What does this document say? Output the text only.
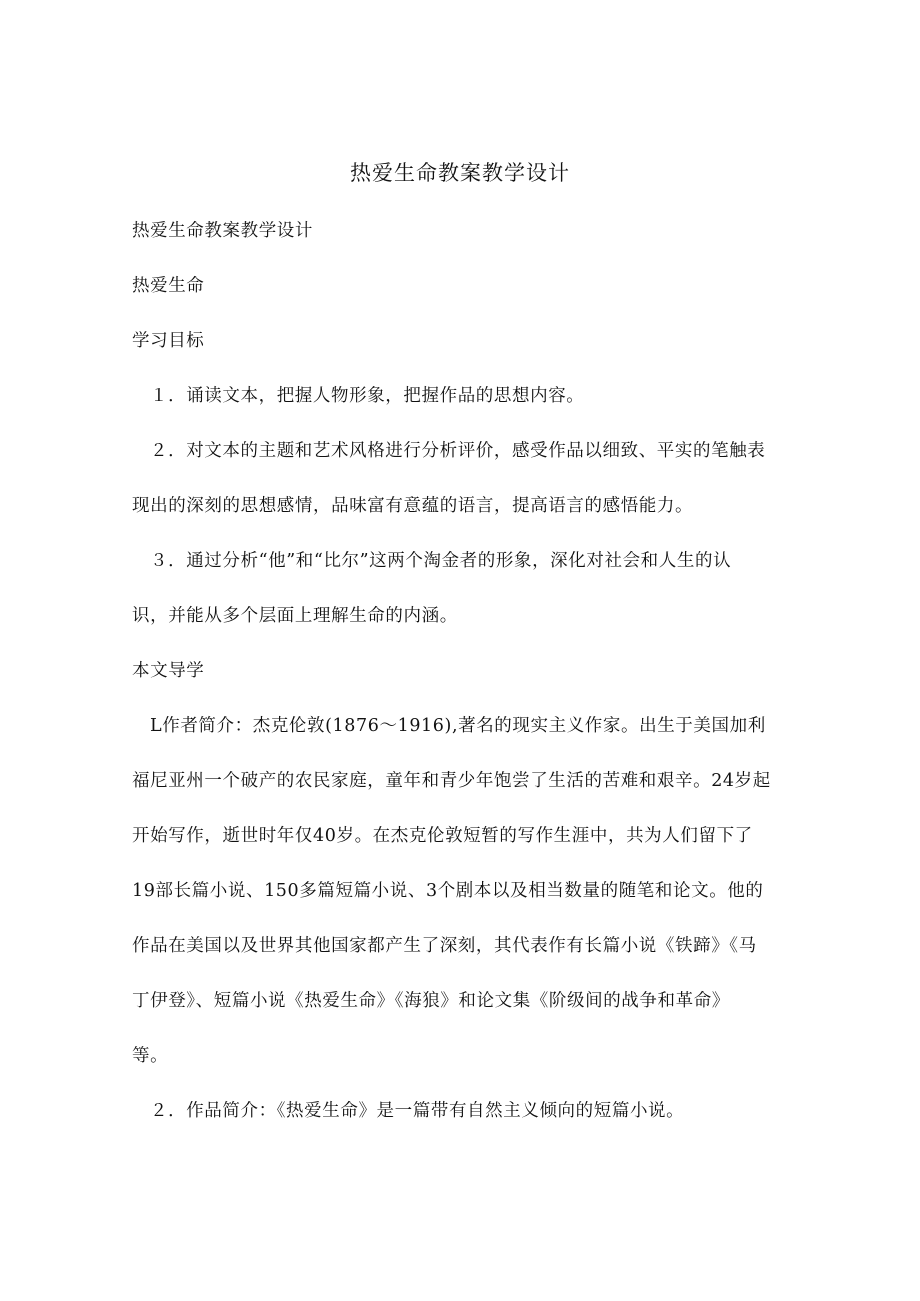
热爱生命教案教学设计
热爱生命教案教学设计
热爱生命
学习目标
１．诵读文本，把握人物形象，把握作品的思想内容。
２．对文本的主题和艺术风格进行分析评价，感受作品以细致、平实的笔触表
现出的深刻的思想感情，品味富有意蕴的语言，提高语言的感悟能力。
３．通过分析“他”和“比尔”这两个淘金者的形象，深化对社会和人生的认
识，并能从多个层面上理解生命的内涵。
本文导学
L作者简介：杰克伦敦(1876～1916),著名的现实主义作家。出生于美国加利
福尼亚州一个破产的农民家庭，童年和青少年饱尝了生活的苦难和艰辛。24岁起
开始写作，逝世时年仅40岁。在杰克伦敦短暂的写作生涯中，共为人们留下了
19部长篇小说、150多篇短篇小说、3个剧本以及相当数量的随笔和论文。他的
作品在美国以及世界其他国家都产生了深刻，其代表作有长篇小说《铁蹄》《马
丁伊登》、短篇小说《热爱生命》《海狼》和论文集《阶级间的战争和革命》
等。
２．作品简介：《热爱生命》是一篇带有自然主义倾向的短篇小说。
